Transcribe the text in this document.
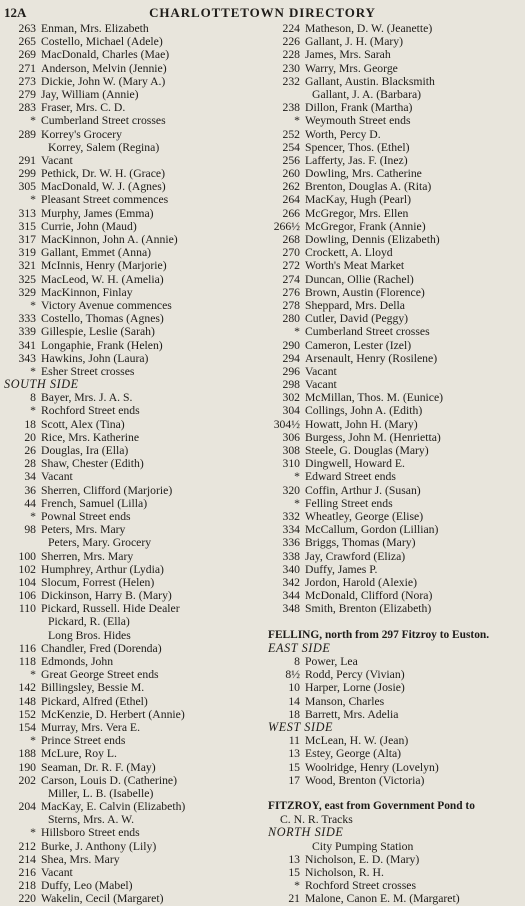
CHARLOTTETOWN DIRECTORY
12A
263 Enman, Mrs. Elizabeth
265 Costello, Michael (Adele)
269 MacDonald, Charles (Mae)
271 Anderson, Melvin (Jennie)
273 Dickie, John W. (Mary A.)
279 Jay, William (Annie)
283 Fraser, Mrs. C. D.
* Cumberland Street crosses
289 Korrey's Grocery
Korrey, Salem (Regina)
291 Vacant
299 Pethick, Dr. W. H. (Grace)
305 MacDonald, W. J. (Agnes)
* Pleasant Street commences
313 Murphy, James (Emma)
315 Currie, John (Maud)
317 MacKinnon, John A. (Annie)
319 Gallant, Emmet (Anna)
321 McInnis, Henry (Marjorie)
325 MacLeod, W. H. (Amelia)
329 MacKinnon, Finlay
* Victory Avenue commences
333 Costello, Thomas (Agnes)
339 Gillespie, Leslie (Sarah)
341 Longaphie, Frank (Helen)
343 Hawkins, John (Laura)
* Esher Street crosses
SOUTH SIDE
8 Bayer, Mrs. J. A. S.
* Rochford Street ends
18 Scott, Alex (Tina)
20 Rice, Mrs. Katherine
26 Douglas, Ira (Ella)
28 Shaw, Chester (Edith)
34 Vacant
36 Sherren, Clifford (Marjorie)
44 French, Samuel (Lilla)
* Pownal Street ends
98 Peters, Mrs. Mary
Peters, Mary. Grocery
100 Sherren, Mrs. Mary
102 Humphrey, Arthur (Lydia)
104 Slocum, Forrest (Helen)
106 Dickinson, Harry B. (Mary)
110 Pickard, Russell. Hide Dealer
Pickard, R. (Ella)
Long Bros. Hides
116 Chandler, Fred (Dorenda)
118 Edmonds, John
* Great George Street ends
142 Billingsley, Bessie M.
148 Pickard, Alfred (Ethel)
152 McKenzie, D. Herbert (Annie)
154 Murray, Mrs. Vera E.
* Prince Street ends
188 McLure, Roy L.
190 Seaman, Dr. R. F. (May)
202 Carson, Louis D. (Catherine)
Miller, L. B. (Isabelle)
204 MacKay, E. Calvin (Elizabeth)
Sterns, Mrs. A. W.
* Hillsboro Street ends
212 Burke, J. Anthony (Lily)
214 Shea, Mrs. Mary
216 Vacant
218 Duffy, Leo (Mabel)
220 Wakelin, Cecil (Margaret)
224 Matheson, D. W. (Jeanette)
226 Gallant, J. H. (Mary)
228 James, Mrs. Sarah
230 Warry, Mrs. George
232 Gallant, Austin. Blacksmith
Gallant, J. A. (Barbara)
238 Dillon, Frank (Martha)
* Weymouth Street ends
252 Worth, Percy D.
254 Spencer, Thos. (Ethel)
256 Lafferty, Jas. F. (Inez)
260 Dowling, Mrs. Catherine
262 Brenton, Douglas A. (Rita)
264 MacKay, Hugh (Pearl)
266 McGregor, Mrs. Ellen
266½ McGregor, Frank (Annie)
268 Dowling, Dennis (Elizabeth)
270 Crockett, A. Lloyd
272 Worth's Meat Market
274 Duncan, Ollie (Rachel)
276 Brown, Austin (Florence)
278 Sheppard, Mrs. Della
280 Cutler, David (Peggy)
* Cumberland Street crosses
290 Cameron, Lester (Izel)
294 Arsenault, Henry (Rosilene)
296 Vacant
298 Vacant
302 McMillan, Thos. M. (Eunice)
304 Collings, John A. (Edith)
304½ Howatt, John H. (Mary)
306 Burgess, John M. (Henrietta)
308 Steele, G. Douglas (Mary)
310 Dingwell, Howard E.
* Edward Street ends
320 Coffin, Arthur J. (Susan)
* Felling Street ends
332 Wheatley, George (Elise)
334 McCallum, Gordon (Lillian)
336 Briggs, Thomas (Mary)
338 Jay, Crawford (Eliza)
340 Duffy, James P.
342 Jordon, Harold (Alexie)
344 McDonald, Clifford (Nora)
348 Smith, Brenton (Elizabeth)
FELLING, north from 297 Fitzroy to Euston.
EAST SIDE
8 Power, Lea
8½ Rodd, Percy (Vivian)
10 Harper, Lorne (Josie)
14 Manson, Charles
18 Barrett, Mrs. Adelia
WEST SIDE
11 McLean, H. W. (Jean)
13 Estey, George (Alta)
15 Woolridge, Henry (Lovelyn)
17 Wood, Brenton (Victoria)
FITZROY, east from Government Pond to
C. N. R. Tracks
NORTH SIDE
City Pumping Station
13 Nicholson, E. D. (Mary)
15 Nicholson, R. H.
* Rochford Street crosses
21 Malone, Canon E. M. (Margaret)
